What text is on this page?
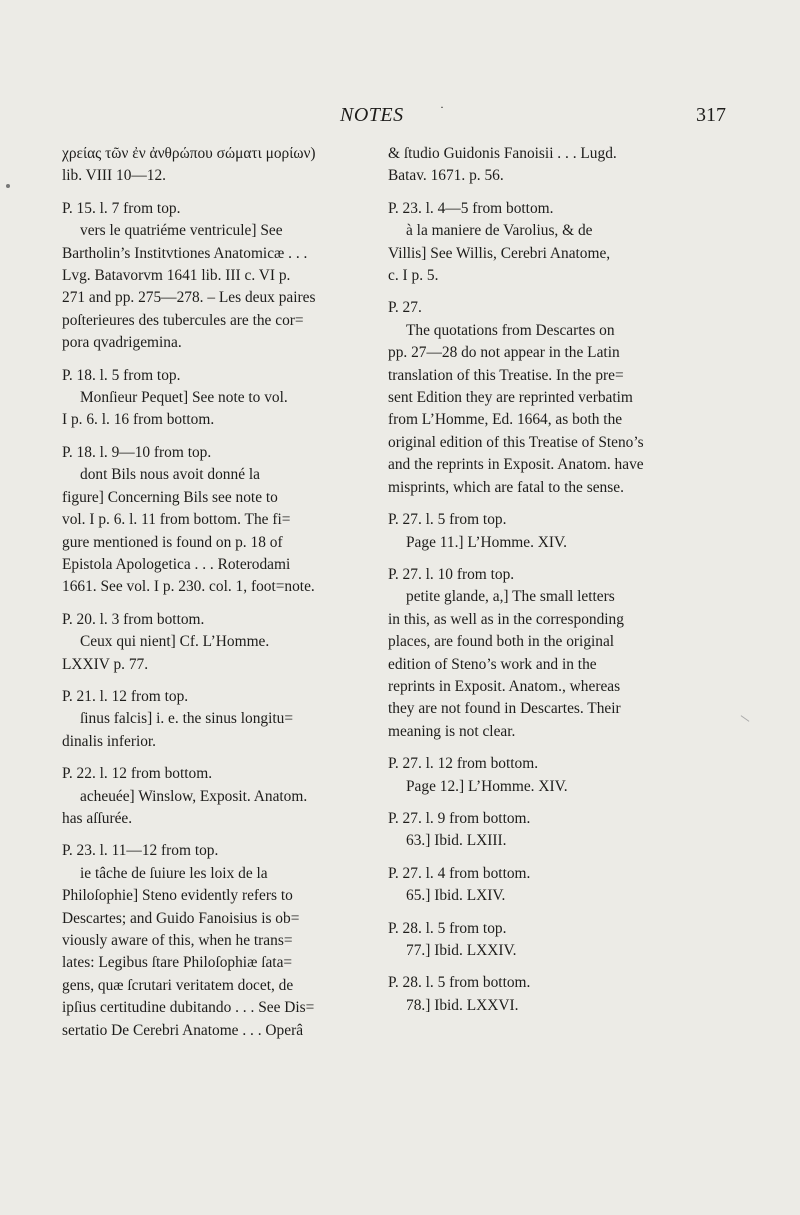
NOTES	·	317

χρείας τῶν ἐν ἀνθρώπου σώματι μορίων)
lib. VIII 10—12.

P. 15. l. 7 from top.

vers le quatriéme ventricule] See
Bartholin’s Institvtiones Anatomicæ . . .
Lvg. Batavorvm 1641 lib. III c. VI p.
271 and pp. 275—278. – Les deux paires
poſterieures des tubercules are the cor=
pora qvadrigemina.

P. 18. l. 5 from top.

Monſieur Pequet] See note to vol.
I p. 6. l. 16 from bottom.

P. 18. l. 9—10 from top.

dont Bils nous avoit donné la
figure] Concerning Bils see note to
vol. I p. 6. l. 11 from bottom. The fi=
gure mentioned is found on p. 18 of
Epistola Apologetica . . . Roterodami
1661. See vol. I p. 230. col. 1, foot=note.

P. 20. l. 3 from bottom.

Ceux qui nient] Cf. L’Homme.
LXXIV p. 77.

P. 21. l. 12 from top.

ſinus falcis] i. e. the sinus longitu=
dinalis inferior.

P. 22. l. 12 from bottom.

acheuée] Winslow, Exposit. Anatom.
has aſſurée.

P. 23. l. 11—12 from top.

ie tâche de ſuiure les loix de la
Philoſophie] Steno evidently refers to
Descartes; and Guido Fanoisius is ob=
viously aware of this, when he trans=
lates: Legibus ſtare Philoſophiæ ſata=
gens, quæ ſcrutari veritatem docet, de
ipſius certitudine dubitando . . . See Dis=
sertatio De Cerebri Anatome . . . Operâ

& ſtudio Guidonis Fanoisii . . . Lugd.
Batav. 1671. p. 56.

P. 23. l. 4—5 from bottom.

à la maniere de Varolius, & de
Villis] See Willis, Cerebri Anatome,
c. I p. 5.

P. 27.

The quotations from Descartes on
pp. 27—28 do not appear in the Latin
translation of this Treatise. In the pre=
sent Edition they are reprinted verbatim
from L’Homme, Ed. 1664, as both the
original edition of this Treatise of Steno’s
and the reprints in Exposit. Anatom. have
misprints, which are fatal to the sense.

P. 27. l. 5 from top.

Page 11.] L’Homme. XIV.

P. 27. l. 10 from top.

petite glande, a,] The small letters
in this, as well as in the corresponding
places, are found both in the original
edition of Steno’s work and in the
reprints in Exposit. Anatom., whereas
they are not found in Descartes. Their
meaning is not clear.

P. 27. l. 12 from bottom.

Page 12.] L’Homme. XIV.

P. 27. l. 9 from bottom.

63.] Ibid. LXIII.

P. 27. l. 4 from bottom.

65.] Ibid. LXIV.

P. 28. l. 5 from top.

77.] Ibid. LXXIV.

P. 28. l. 5 from bottom.

78.] Ibid. LXXVI.
